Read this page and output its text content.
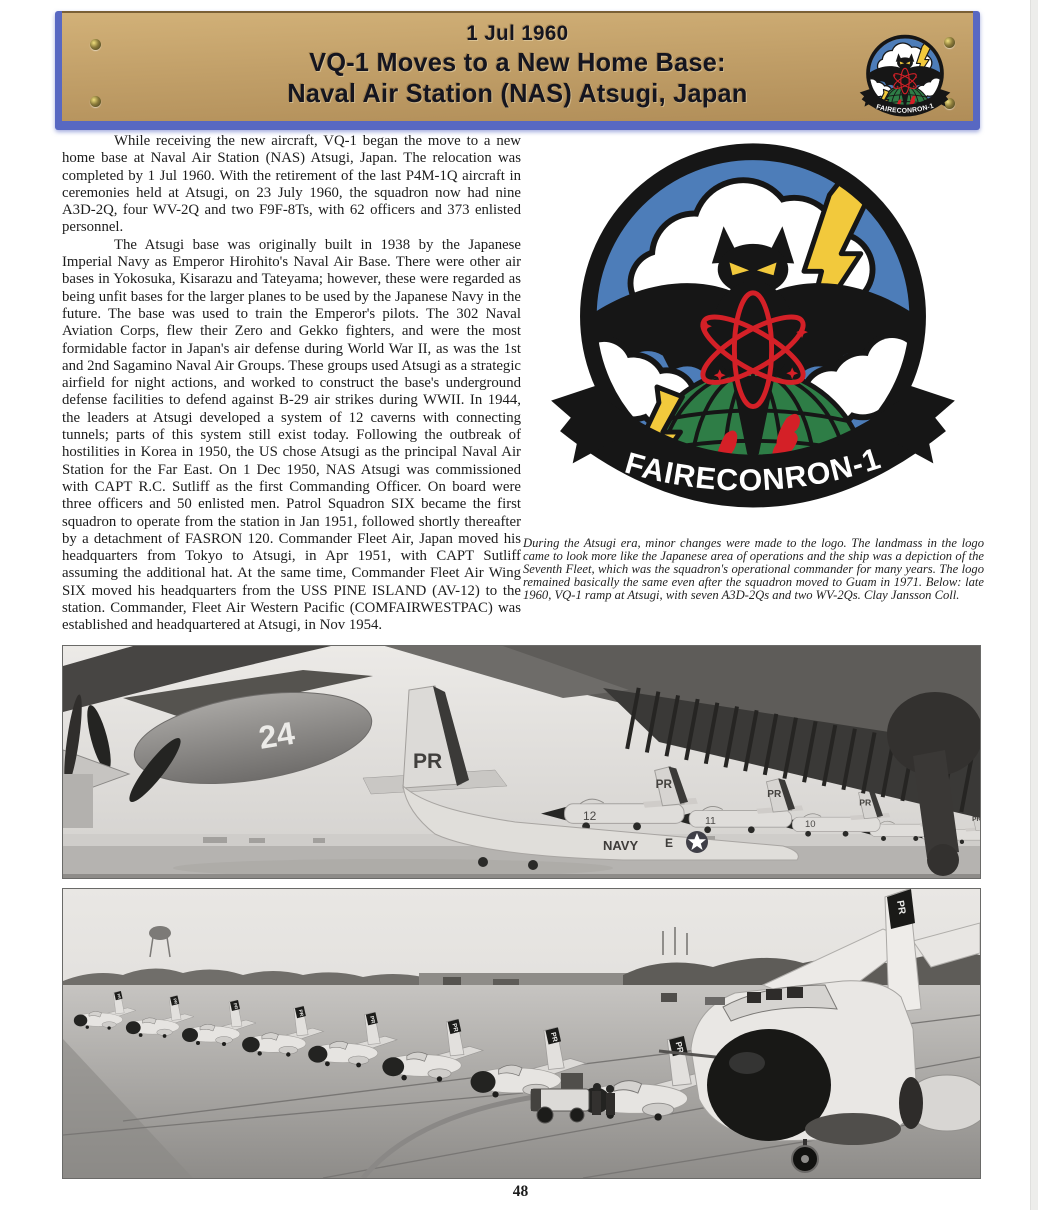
1 Jul 1960
VQ-1 Moves to a New Home Base:
Naval Air Station (NAS) Atsugi, Japan

While receiving the new aircraft, VQ-1 began the move to a new home base at Naval Air Station (NAS) Atsugi, Japan. The relocation was completed by 1 Jul 1960. With the retirement of the last P4M-1Q aircraft in ceremonies held at Atsugi, on 23 July 1960, the squadron now had nine A3D-2Q, four WV-2Q and two F9F-8Ts, with 62 officers and 373 enlisted personnel.

The Atsugi base was originally built in 1938 by the Japanese Imperial Navy as Emperor Hirohito's Naval Air Base. There were other air bases in Yokosuka, Kisarazu and Tateyama; however, these were regarded as being unfit bases for the larger planes to be used by the Japanese Navy in the future. The base was used to train the Emperor's pilots. The 302 Naval Aviation Corps, flew their Zero and Gekko fighters, and were the most formidable factor in Japan's air defense during World War II, as was the 1st and 2nd Sagamino Naval Air Groups. These groups used Atsugi as a strategic airfield for night actions, and worked to construct the base's underground defense facilities to defend against B-29 air strikes during WWII. In 1944, the leaders at Atsugi developed a system of 12 caverns with connecting tunnels; parts of this system still exist today. Following the outbreak of hostilities in Korea in 1950, the US chose Atsugi as the principal Naval Air Station for the Far East. On 1 Dec 1950, NAS Atsugi was commissioned with CAPT R.C. Sutliff as the first Commanding Officer. On board were three officers and 50 enlisted men. Patrol Squadron SIX became the first squadron to operate from the station in Jan 1951, followed shortly thereafter by a detachment of FASRON 120. Commander Fleet Air, Japan moved his headquarters from Tokyo to Atsugi, in Apr 1951, with CAPT Sutliff assuming the additional hat. At the same time, Commander Fleet Air Wing SIX moved his headquarters from the USS PINE ISLAND (AV-12) to the station. Commander, Fleet Air Western Pacific (COMFAIRWESTPAC) was established and headquartered at Atsugi, in Nov 1954.

During the Atsugi era, minor changes were made to the logo. The landmass in the logo came to look more like the Japanese area of operations and the ship was a depiction of the Seventh Fleet, which was the squadron's operational commander for many years. The logo remained basically the same even after the squadron moved to Guam in 1971. Below: late 1960, VQ-1 ramp at Atsugi, with seven A3D-2Qs and two WV-2Qs. Clay Jansson Coll.
12	11	10
PR
NAVY E
24
PR
48
